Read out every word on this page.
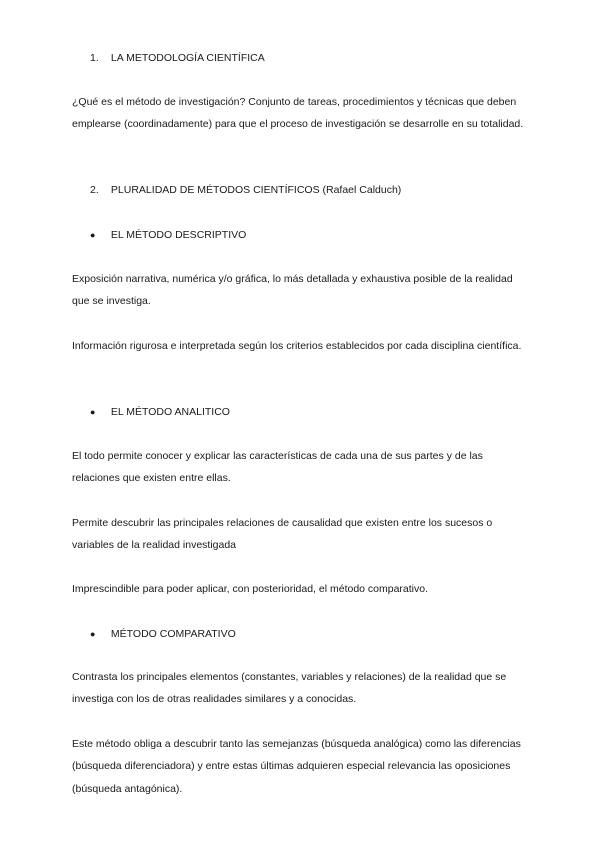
1. LA METODOLOGÍA CIENTÍFICA

¿Qué es el método de investigación? Conjunto de tareas, procedimientos y técnicas que deben emplearse (coordinadamente) para que el proceso de investigación se desarrolle en su totalidad.

2. PLURALIDAD DE MÉTODOS CIENTÍFICOS (Rafael Calduch)
● EL MÉTODO DESCRIPTIVO

Exposición narrativa, numérica y/o gráfica, lo más detallada y exhaustiva posible de la realidad que se investiga.

Información rigurosa e interpretada según los criterios establecidos por cada disciplina científica.

● EL MÉTODO ANALITICO

El todo permite conocer y explicar las características de cada una de sus partes y de las relaciones que existen entre ellas.

Permite descubrir las principales relaciones de causalidad que existen entre los sucesos o variables de la realidad investigada

Imprescindible para poder aplicar, con posterioridad, el método comparativo.

● MÉTODO COMPARATIVO

Contrasta los principales elementos (constantes, variables y relaciones) de la realidad que se investiga con los de otras realidades similares y a conocidas.

Este método obliga a descubrir tanto las semejanzas (búsqueda analógica) como las diferencias (búsqueda diferenciadora) y entre estas últimas adquieren especial relevancia las oposiciones (búsqueda antagónica).
